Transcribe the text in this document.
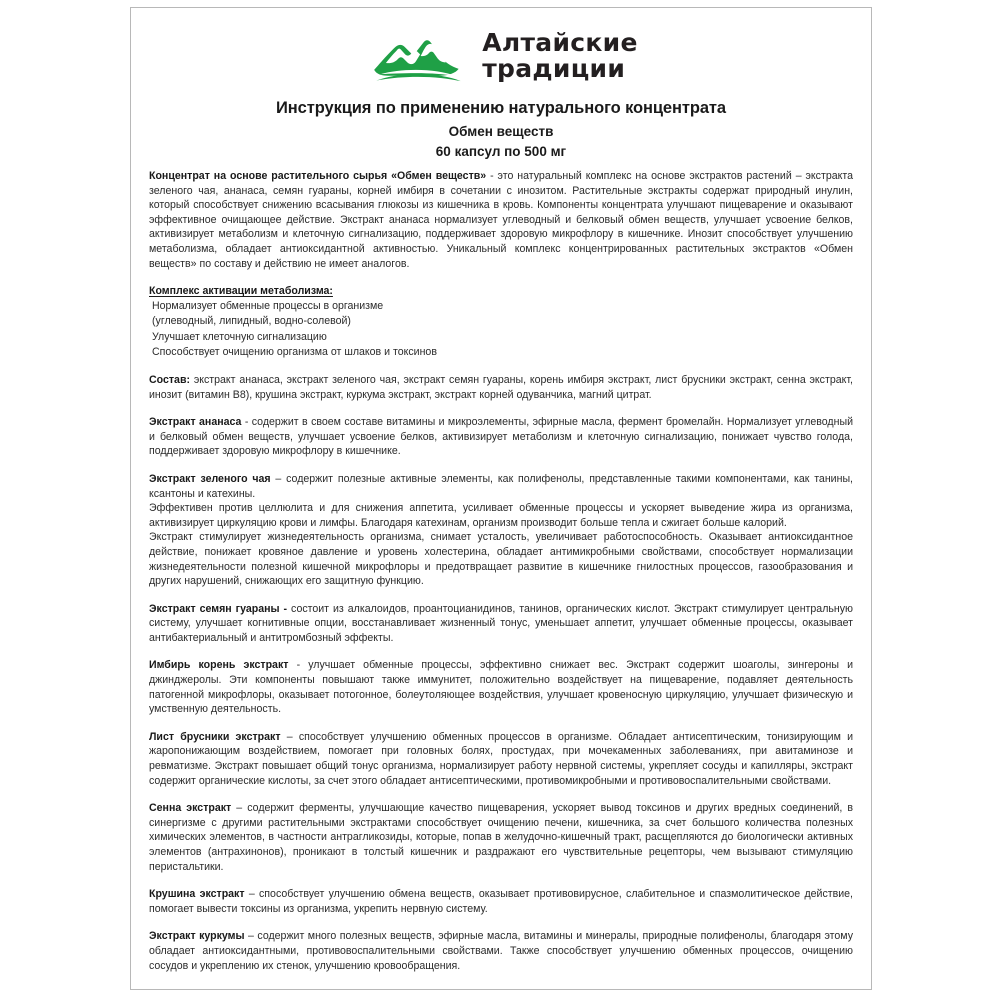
Алтайские
традиции
Инструкция по применению натурального концентрата
Обмен веществ
60 капсул по 500 мг

Концентрат на основе растительного сырья «Обмен веществ» - это натуральный комплекс на основе экстрактов растений – экстракта зеленого чая, ананаса, семян гуараны, корней имбиря в сочетании с инозитом. Растительные экстракты содержат природный инулин, который способствует снижению всасывания глюкозы из кишечника в кровь. Компоненты концентрата улучшают пищеварение и оказывают эффективное очищающее действие. Экстракт ананаса нормализует углеводный и белковый обмен веществ, улучшает усвоение белков, активизирует метаболизм и клеточную сигнализацию, поддерживает здоровую микрофлору в кишечнике. Инозит способствует улучшению метаболизма, обладает антиоксидантной активностью. Уникальный комплекс концентрированных растительных экстрактов «Обмен веществ» по составу и действию не имеет аналогов.

Комплекс активации метаболизма:
Нормализует обменные процессы в организме
(углеводный, липидный, водно-солевой)
Улучшает клеточную сигнализацию
Способствует очищению организма от шлаков и токсинов

Состав: экстракт ананаса, экстракт зеленого чая, экстракт семян гуараны, корень имбиря экстракт, лист брусники экстракт, сенна экстракт, инозит (витамин В8), крушина экстракт, куркума экстракт, экстракт корней одуванчика, магний цитрат.

Экстракт ананаса - содержит в своем составе витамины и микроэлементы, эфирные масла, фермент бромелайн. Нормализует углеводный и белковый обмен веществ, улучшает усвоение белков, активизирует метаболизм и клеточную сигнализацию, понижает чувство голода, поддерживает здоровую микрофлору в кишечнике.

Экстракт зеленого чая – содержит полезные активные элементы, как полифенолы, представленные такими компонентами, как танины, ксантоны и катехины.

Эффективен против целлюлита и для снижения аппетита, усиливает обменные процессы и ускоряет выведение жира из организма, активизирует циркуляцию крови и лимфы. Благодаря катехинам, организм производит больше тепла и сжигает больше калорий.

Экстракт стимулирует жизнедеятельность организма, снимает усталость, увеличивает работоспособность. Оказывает антиоксидантное действие, понижает кровяное давление и уровень холестерина, обладает антимикробными свойствами, способствует нормализации жизнедеятельности полезной кишечной микрофлоры и предотвращает развитие в кишечнике гнилостных процессов, газообразования и других нарушений, снижающих его защитную функцию.

Экстракт семян гуараны - состоит из алкалоидов, проантоцианидинов, танинов, органических кислот. Экстракт стимулирует центральную систему, улучшает когнитивные опции, восстанавливает жизненный тонус, уменьшает аппетит, улучшает обменные процессы, оказывает антибактериальный и антитромбозный эффекты.

Имбирь корень экстракт - улучшает обменные процессы, эффективно снижает вес. Экстракт содержит шоаголы, зингероны и джинджеролы. Эти компоненты повышают также иммунитет, положительно воздействует на пищеварение, подавляет деятельность патогенной микрофлоры, оказывает потогонное, болеутоляющее воздействия, улучшает кровеносную циркуляцию, улучшает физическую и умственную деятельность.

Лист брусники экстракт – способствует улучшению обменных процессов в организме. Обладает антисептическим, тонизирующим и жаропонижающим воздействием, помогает при головных болях, простудах, при мочекаменных заболеваниях, при авитаминозе и ревматизме. Экстракт повышает общий тонус организма, нормализирует работу нервной системы, укрепляет сосуды и капилляры, экстракт содержит органические кислоты, за счет этого обладает антисептическими, противомикробными и противовоспалительными свойствами.

Сенна экстракт – содержит ферменты, улучшающие качество пищеварения, ускоряет вывод токсинов и других вредных соединений, в синергизме с другими растительными экстрактами способствует очищению печени, кишечника, за счет большого количества полезных химических элементов, в частности антрагликозиды, которые, попав в желудочно-кишечный тракт, расщепляются до биологически активных элементов (антрахинонов), проникают в толстый кишечник и раздражают его чувствительные рецепторы, чем вызывают стимуляцию перистальтики.

Крушина экстракт – способствует улучшению обмена веществ, оказывает противовирусное, слабительное и спазмолитическое действие, помогает вывести токсины из организма, укрепить нервную систему.

Экстракт куркумы – содержит много полезных веществ, эфирные масла, витамины и минералы, природные полифенолы, благодаря этому обладает антиоксидантными, противовоспалительными свойствами. Также способствует улучшению обменных процессов, очищению сосудов и укреплению их стенок, улучшению кровообращения.
